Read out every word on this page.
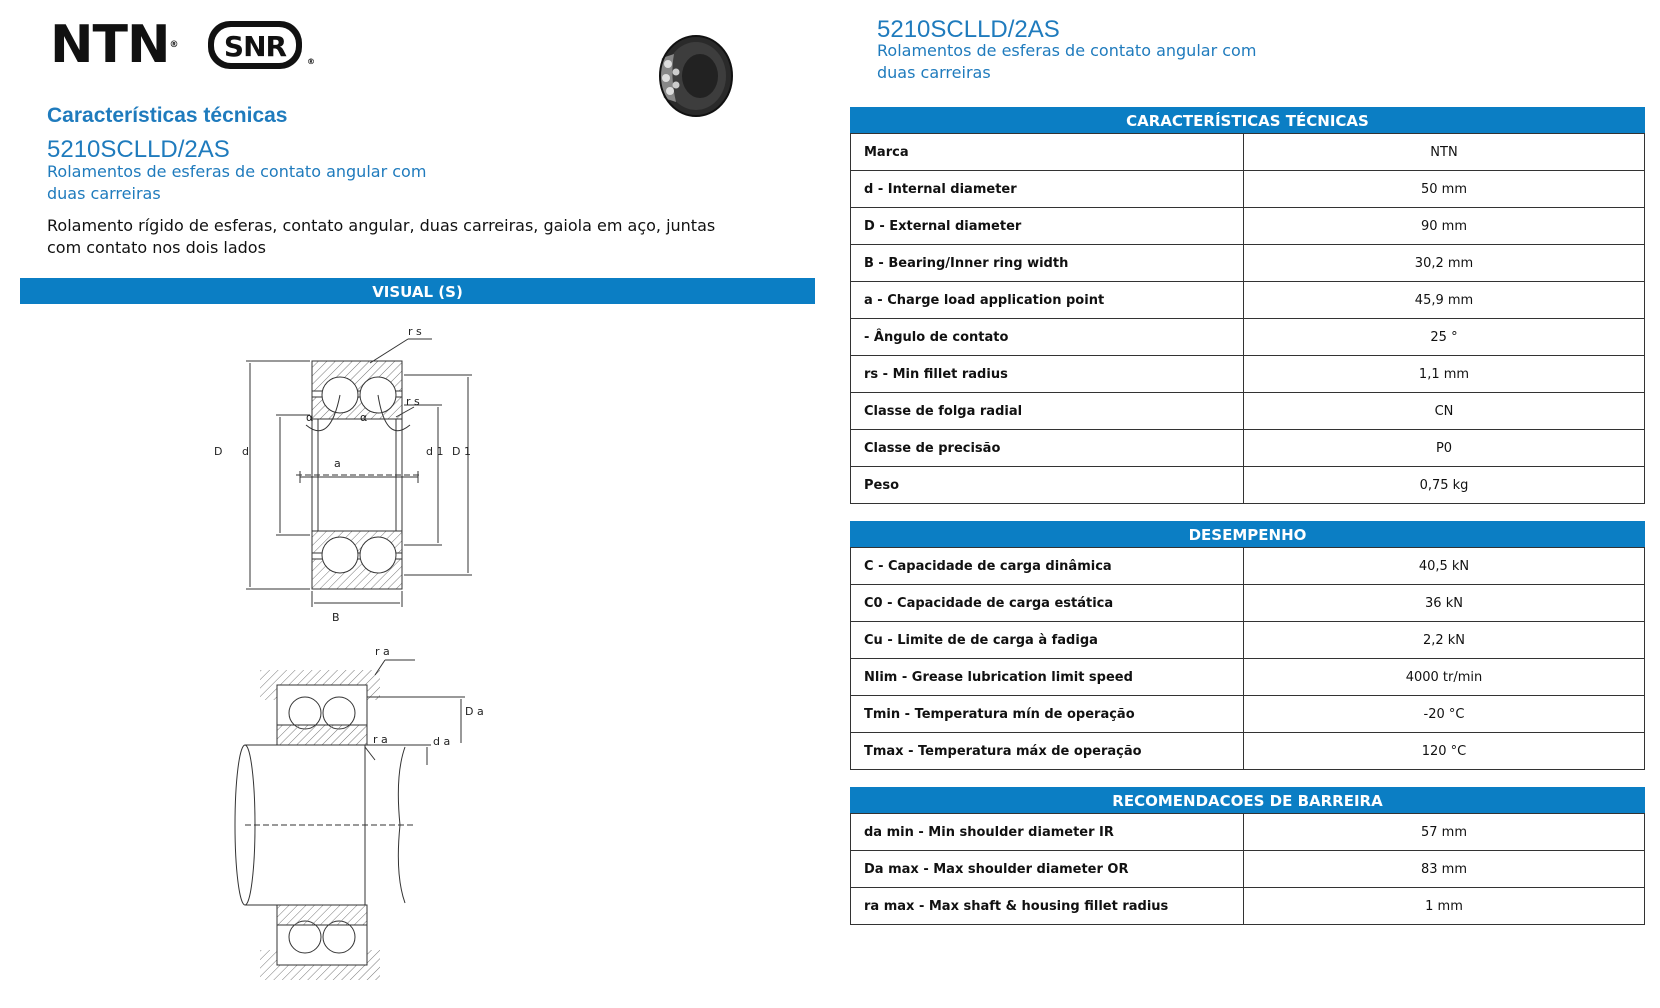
NTN® SNR	®
Características técnicas
5210SCLLD/2AS
Rolamentos de esferas de contato angular com duas carreiras
Rolamento rígido de esferas, contato angular, duas carreiras, gaiola em aço, juntas com contato nos dois lados
VISUAL (S)
r s
r s
α	α
D d
a
d 1 D 1
B
r a
D a
r a	d a
5210SCLLD/2AS
Rolamentos de esferas de contato angular com duas carreiras
CARACTERÍSTICAS TÉCNICAS
Marca	NTN
d - Internal diameter	50 mm
D - External diameter	90 mm
B - Bearing/Inner ring width	30,2 mm
a - Charge load application point	45,9 mm
- Ângulo de contato	25 °
rs - Min fillet radius	1,1 mm
Classe de folga radial	CN
Classe de precisão	P0
Peso	0,75 kg
DESEMPENHO
C - Capacidade de carga dinâmica	40,5 kN
C0 - Capacidade de carga estática	36 kN
Cu - Limite de de carga à fadiga	2,2 kN
Nlim - Grease lubrication limit speed	4000 tr/min
Tmin - Temperatura mín de operação	-20 °C
Tmax - Temperatura máx de operação	120 °C
RECOMENDACOES DE BARREIRA
da min - Min shoulder diameter IR	57 mm
Da max - Max shoulder diameter OR	83 mm
ra max - Max shaft & housing fillet radius	1 mm
